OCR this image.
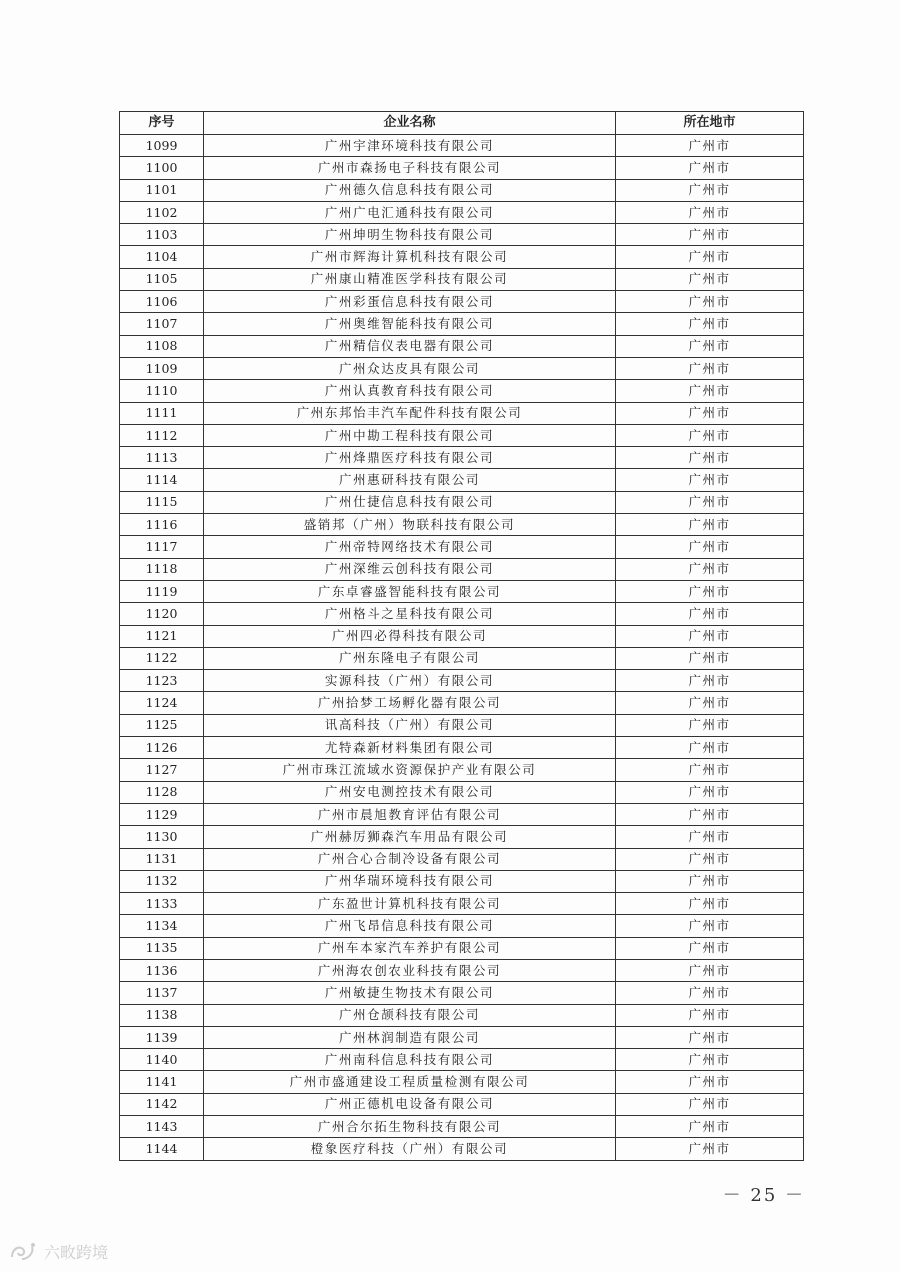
序号	企业名称	所在地市
1099	广州宇津环境科技有限公司	广州市
1100	广州市森扬电子科技有限公司	广州市
1101	广州德久信息科技有限公司	广州市
1102	广州广电汇通科技有限公司	广州市
1103	广州坤明生物科技有限公司	广州市
1104	广州市辉海计算机科技有限公司	广州市
1105	广州康山精准医学科技有限公司	广州市
1106	广州彩蛋信息科技有限公司	广州市
1107	广州奥维智能科技有限公司	广州市
1108	广州精信仪表电器有限公司	广州市
1109	广州众达皮具有限公司	广州市
1110	广州认真教育科技有限公司	广州市
1111	广州东邦怡丰汽车配件科技有限公司	广州市
1112	广州中勘工程科技有限公司	广州市
1113	广州烽鼎医疗科技有限公司	广州市
1114	广州惠研科技有限公司	广州市
1115	广州仕捷信息科技有限公司	广州市
1116	盛销邦（广州）物联科技有限公司	广州市
1117	广州帝特网络技术有限公司	广州市
1118	广州深维云创科技有限公司	广州市
1119	广东卓睿盛智能科技有限公司	广州市
1120	广州格斗之星科技有限公司	广州市
1121	广州四必得科技有限公司	广州市
1122	广州东隆电子有限公司	广州市
1123	实源科技（广州）有限公司	广州市
1124	广州拾梦工场孵化器有限公司	广州市
1125	讯高科技（广州）有限公司	广州市
1126	尤特森新材料集团有限公司	广州市
1127	广州市珠江流域水资源保护产业有限公司	广州市
1128	广州安电测控技术有限公司	广州市
1129	广州市晨旭教育评估有限公司	广州市
1130	广州赫厉狮森汽车用品有限公司	广州市
1131	广州合心合制冷设备有限公司	广州市
1132	广州华瑞环境科技有限公司	广州市
1133	广东盈世计算机科技有限公司	广州市
1134	广州飞昂信息科技有限公司	广州市
1135	广州车本家汽车养护有限公司	广州市
1136	广州海农创农业科技有限公司	广州市
1137	广州敏捷生物技术有限公司	广州市
1138	广州仓颉科技有限公司	广州市
1139	广州林润制造有限公司	广州市
1140	广州南科信息科技有限公司	广州市
1141	广州市盛通建设工程质量检测有限公司	广州市
1142	广州正德机电设备有限公司	广州市
1143	广州合尔拓生物科技有限公司	广州市
1144	橙象医疗科技（广州）有限公司	广州市
－ 25 －
六畋跨境
